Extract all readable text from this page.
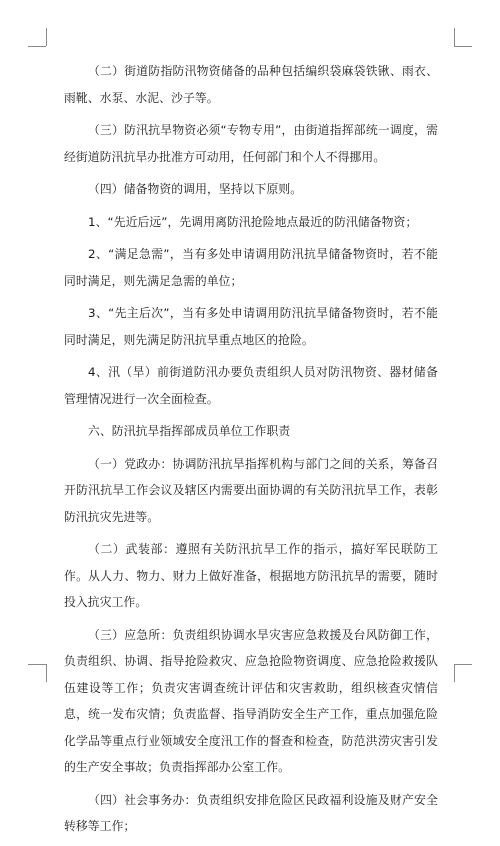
（二）街道防指防汛物资储备的品种包括编织袋麻袋铁锹、雨衣、雨靴、水泵、水泥、沙子等。

（三）防汛抗旱物资必须“专物专用”，由街道指挥部统一调度，需经街道防汛抗旱办批准方可动用，任何部门和个人不得挪用。

（四）储备物资的调用，坚持以下原则。

1、“先近后远”，先调用离防汛抢险地点最近的防汛储备物资；

2、“满足急需”，当有多处申请调用防汛抗旱储备物资时，若不能同时满足，则先满足急需的单位；

3、“先主后次”，当有多处申请调用防汛抗旱储备物资时，若不能同时满足，则先满足防汛抗旱重点地区的抢险。

4、汛（旱）前街道防汛办要负责组织人员对防汛物资、器材储备管理情况进行一次全面检查。

六、防汛抗旱指挥部成员单位工作职责

（一）党政办：协调防汛抗旱指挥机构与部门之间的关系，筹备召开防汛抗旱工作会议及辖区内需要出面协调的有关防汛抗旱工作，表彰防汛抗灾先进等。

（二）武装部：遵照有关防汛抗旱工作的指示，搞好军民联防工作。从人力、物力、财力上做好准备，根据地方防汛抗旱的需要，随时投入抗灾工作。

（三）应急所：负责组织协调水旱灾害应急救援及台风防御工作，负责组织、协调、指导抢险救灾、应急抢险物资调度、应急抢险救援队伍建设等工作；负责灾害调查统计评估和灾害救助，组织核查灾情信息，统一发布灾情；负责监督、指导消防安全生产工作，重点加强危险化学品等重点行业领域安全度汛工作的督查和检查，防范洪涝灾害引发的生产安全事故；负责指挥部办公室工作。

（四）社会事务办：负责组织安排危险区民政福利设施及财产安全转移等工作；
